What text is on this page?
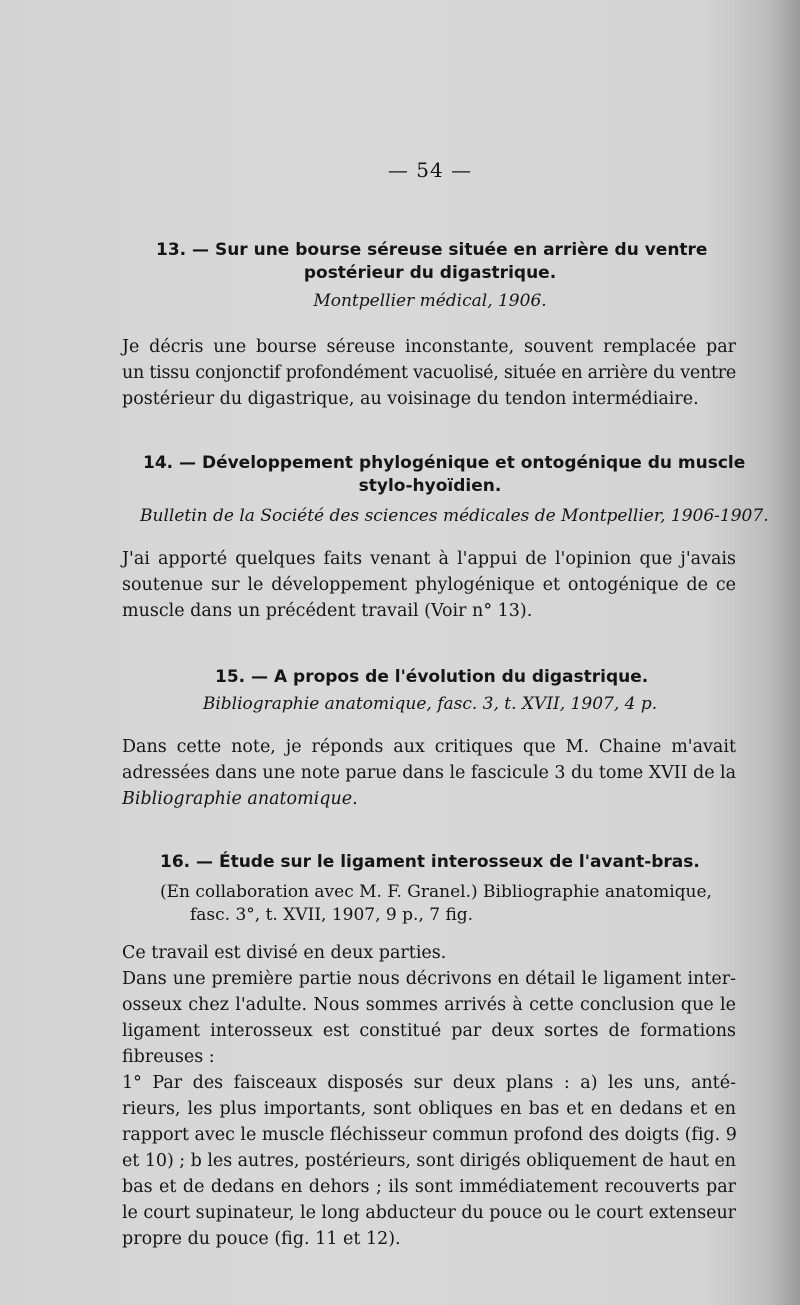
— 54 —
13. — Sur une bourse séreuse située en arrière du ventre
postérieur du digastrique.
Montpellier médical, 1906.
Je décris une bourse séreuse inconstante, souvent remplacée par
un tissu conjonctif profondément vacuolisé, située en arrière du ventre
postérieur du digastrique, au voisinage du tendon intermédiaire.
14. — Développement phylogénique et ontogénique du muscle
stylo-hyoïdien.
Bulletin de la Société des sciences médicales de Montpellier, 1906-1907.
J'ai apporté quelques faits venant à l'appui de l'opinion que j'avais
soutenue sur le développement phylogénique et ontogénique de ce
muscle dans un précédent travail (Voir n° 13).
15. — A propos de l'évolution du digastrique.
Bibliographie anatomique, fasc. 3, t. XVII, 1907, 4 p.
Dans cette note, je réponds aux critiques que M. Chaine m'avait
adressées dans une note parue dans le fascicule 3 du tome XVII de la
Bibliographie anatomique.
16. — Étude sur le ligament interosseux de l'avant-bras.
(En collaboration avec M. F. Granel.) Bibliographie anatomique,
fasc. 3°, t. XVII, 1907, 9 p., 7 fig.
Ce travail est divisé en deux parties.
Dans une première partie nous décrivons en détail le ligament inter-
osseux chez l'adulte. Nous sommes arrivés à cette conclusion que le
ligament interosseux est constitué par deux sortes de formations
fibreuses :
1° Par des faisceaux disposés sur deux plans : a) les uns, anté-
rieurs, les plus importants, sont obliques en bas et en dedans et en
rapport avec le muscle fléchisseur commun profond des doigts (fig. 9
et 10) ; b les autres, postérieurs, sont dirigés obliquement de haut en
bas et de dedans en dehors ; ils sont immédiatement recouverts par
le court supinateur, le long abducteur du pouce ou le court extenseur
propre du pouce (fig. 11 et 12).
